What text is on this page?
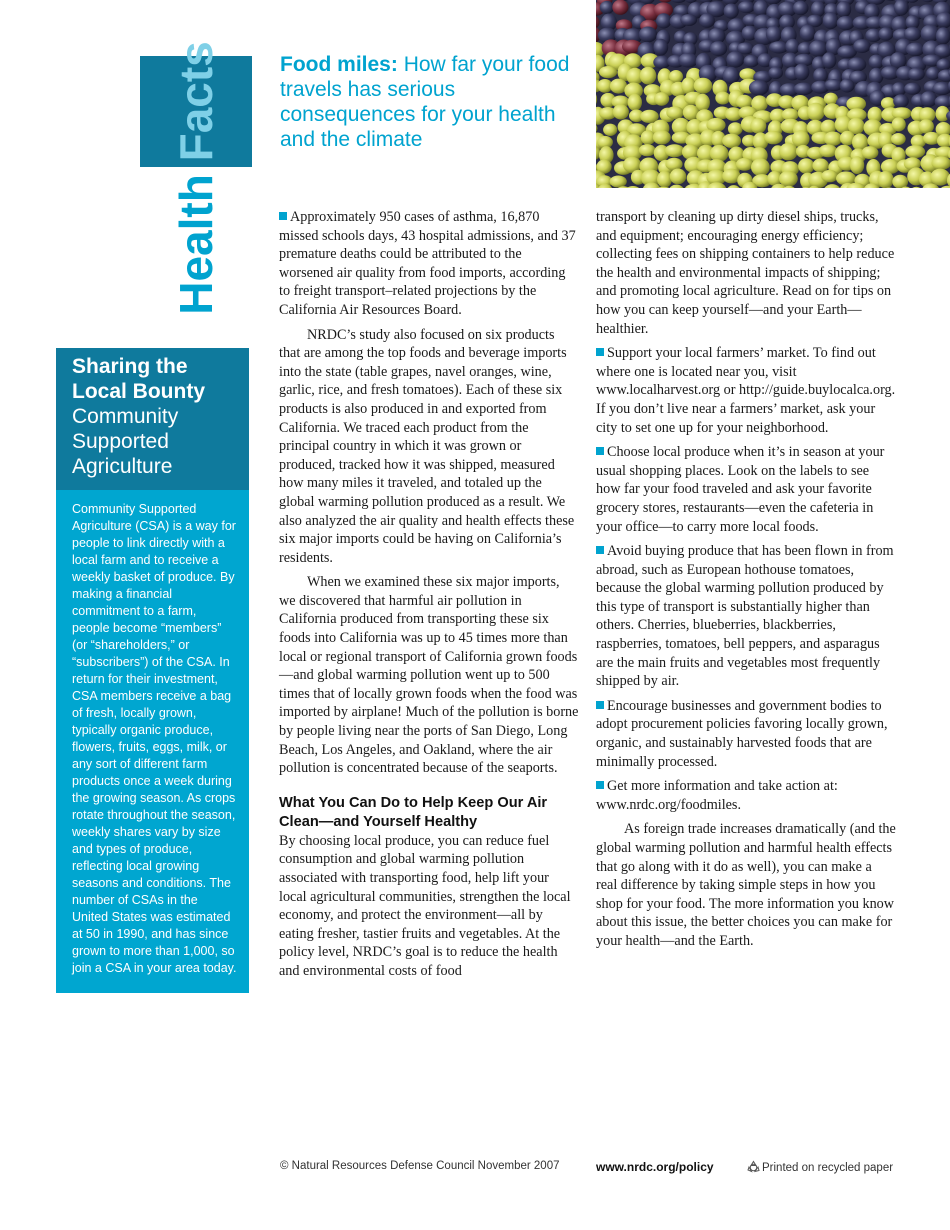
Health Facts	Food miles: How far your food travels has serious consequences for your health and the climate
Sharing the
Local Bounty
Community
Supported
Agriculture
Community Supported Agriculture (CSA) is a way for people to link directly with a local farm and to receive a weekly basket of produce. By making a financial commitment to a farm, people become “members” (or “shareholders,” or “subscribers”) of the CSA. In return for their investment, CSA members receive a bag of fresh, locally grown, typically organic produce, flowers, fruits, eggs, milk, or any sort of different farm products once a week during the growing season. As crops rotate throughout the season, weekly shares vary by size and types of produce, reflecting local growing seasons and conditions. The number of CSAs in the United States was estimated at 50 in 1990, and has since grown to more than 1,000, so join a CSA in your area today.

Approximately 950 cases of asthma, 16,870 missed schools days, 43 hospital admissions, and 37 premature deaths could be attributed to the worsened air quality from food imports, according to freight transport–related projections by the California Air Resources Board.

NRDC’s study also focused on six products that are among the top foods and beverage imports into the state (table grapes, navel oranges, wine, garlic, rice, and fresh tomatoes). Each of these six products is also produced in and exported from California. We traced each product from the principal country in which it was grown or produced, tracked how it was shipped, measured how many miles it traveled, and totaled up the global warming pollution produced as a result. We also analyzed the air quality and health effects these six major imports could be having on California’s residents.

When we examined these six major imports, we discovered that harmful air pollution in California produced from transporting these six foods into California was up to 45 times more than local or regional transport of California grown foods—and global warming pollution went up to 500 times that of locally grown foods when the food was imported by airplane! Much of the pollution is borne by people living near the ports of San Diego, Long Beach, Los Angeles, and Oakland, where the air pollution is concentrated because of the seaports.

What You Can Do to Help Keep Our Air Clean—and Yourself Healthy

By choosing local produce, you can reduce fuel consumption and global warming pollution associated with transporting food, help lift your local agricultural communities, strengthen the local economy, and protect the environment—all by eating fresher, tastier fruits and vegetables. At the policy level, NRDC’s goal is to reduce the health and environmental costs of food

transport by cleaning up dirty diesel ships, trucks, and equipment; encouraging energy efficiency; collecting fees on shipping containers to help reduce the health and environmental impacts of shipping; and promoting local agriculture. Read on for tips on how you can keep yourself—and your Earth—healthier.

Support your local farmers’ market. To find out where one is located near you, visit www.localharvest.org or http://guide.buylocalca.org. If you don’t live near a farmers’ market, ask your city to set one up for your neighborhood.

Choose local produce when it’s in season at your usual shopping places. Look on the labels to see how far your food traveled and ask your favorite grocery stores, restaurants—even the cafeteria in your office—to carry more local foods.

Avoid buying produce that has been flown in from abroad, such as European hothouse tomatoes, because the global warming pollution produced by this type of transport is substantially higher than others. Cherries, blueberries, blackberries, raspberries, tomatoes, bell peppers, and asparagus are the main fruits and vegetables most frequently shipped by air.

Encourage businesses and government bodies to adopt procurement policies favoring locally grown, organic, and sustainably harvested foods that are minimally processed.

Get more information and take action at: www.nrdc.org/foodmiles.

As foreign trade increases dramatically (and the global warming pollution and harmful health effects that go along with it do as well), you can make a real difference by taking simple steps in how you shop for your food. The more information you know about this issue, the better choices you can make for your health—and the Earth.

© Natural Resources Defense Council November 2007	www.nrdc.org/policy	Printed on recycled paper
